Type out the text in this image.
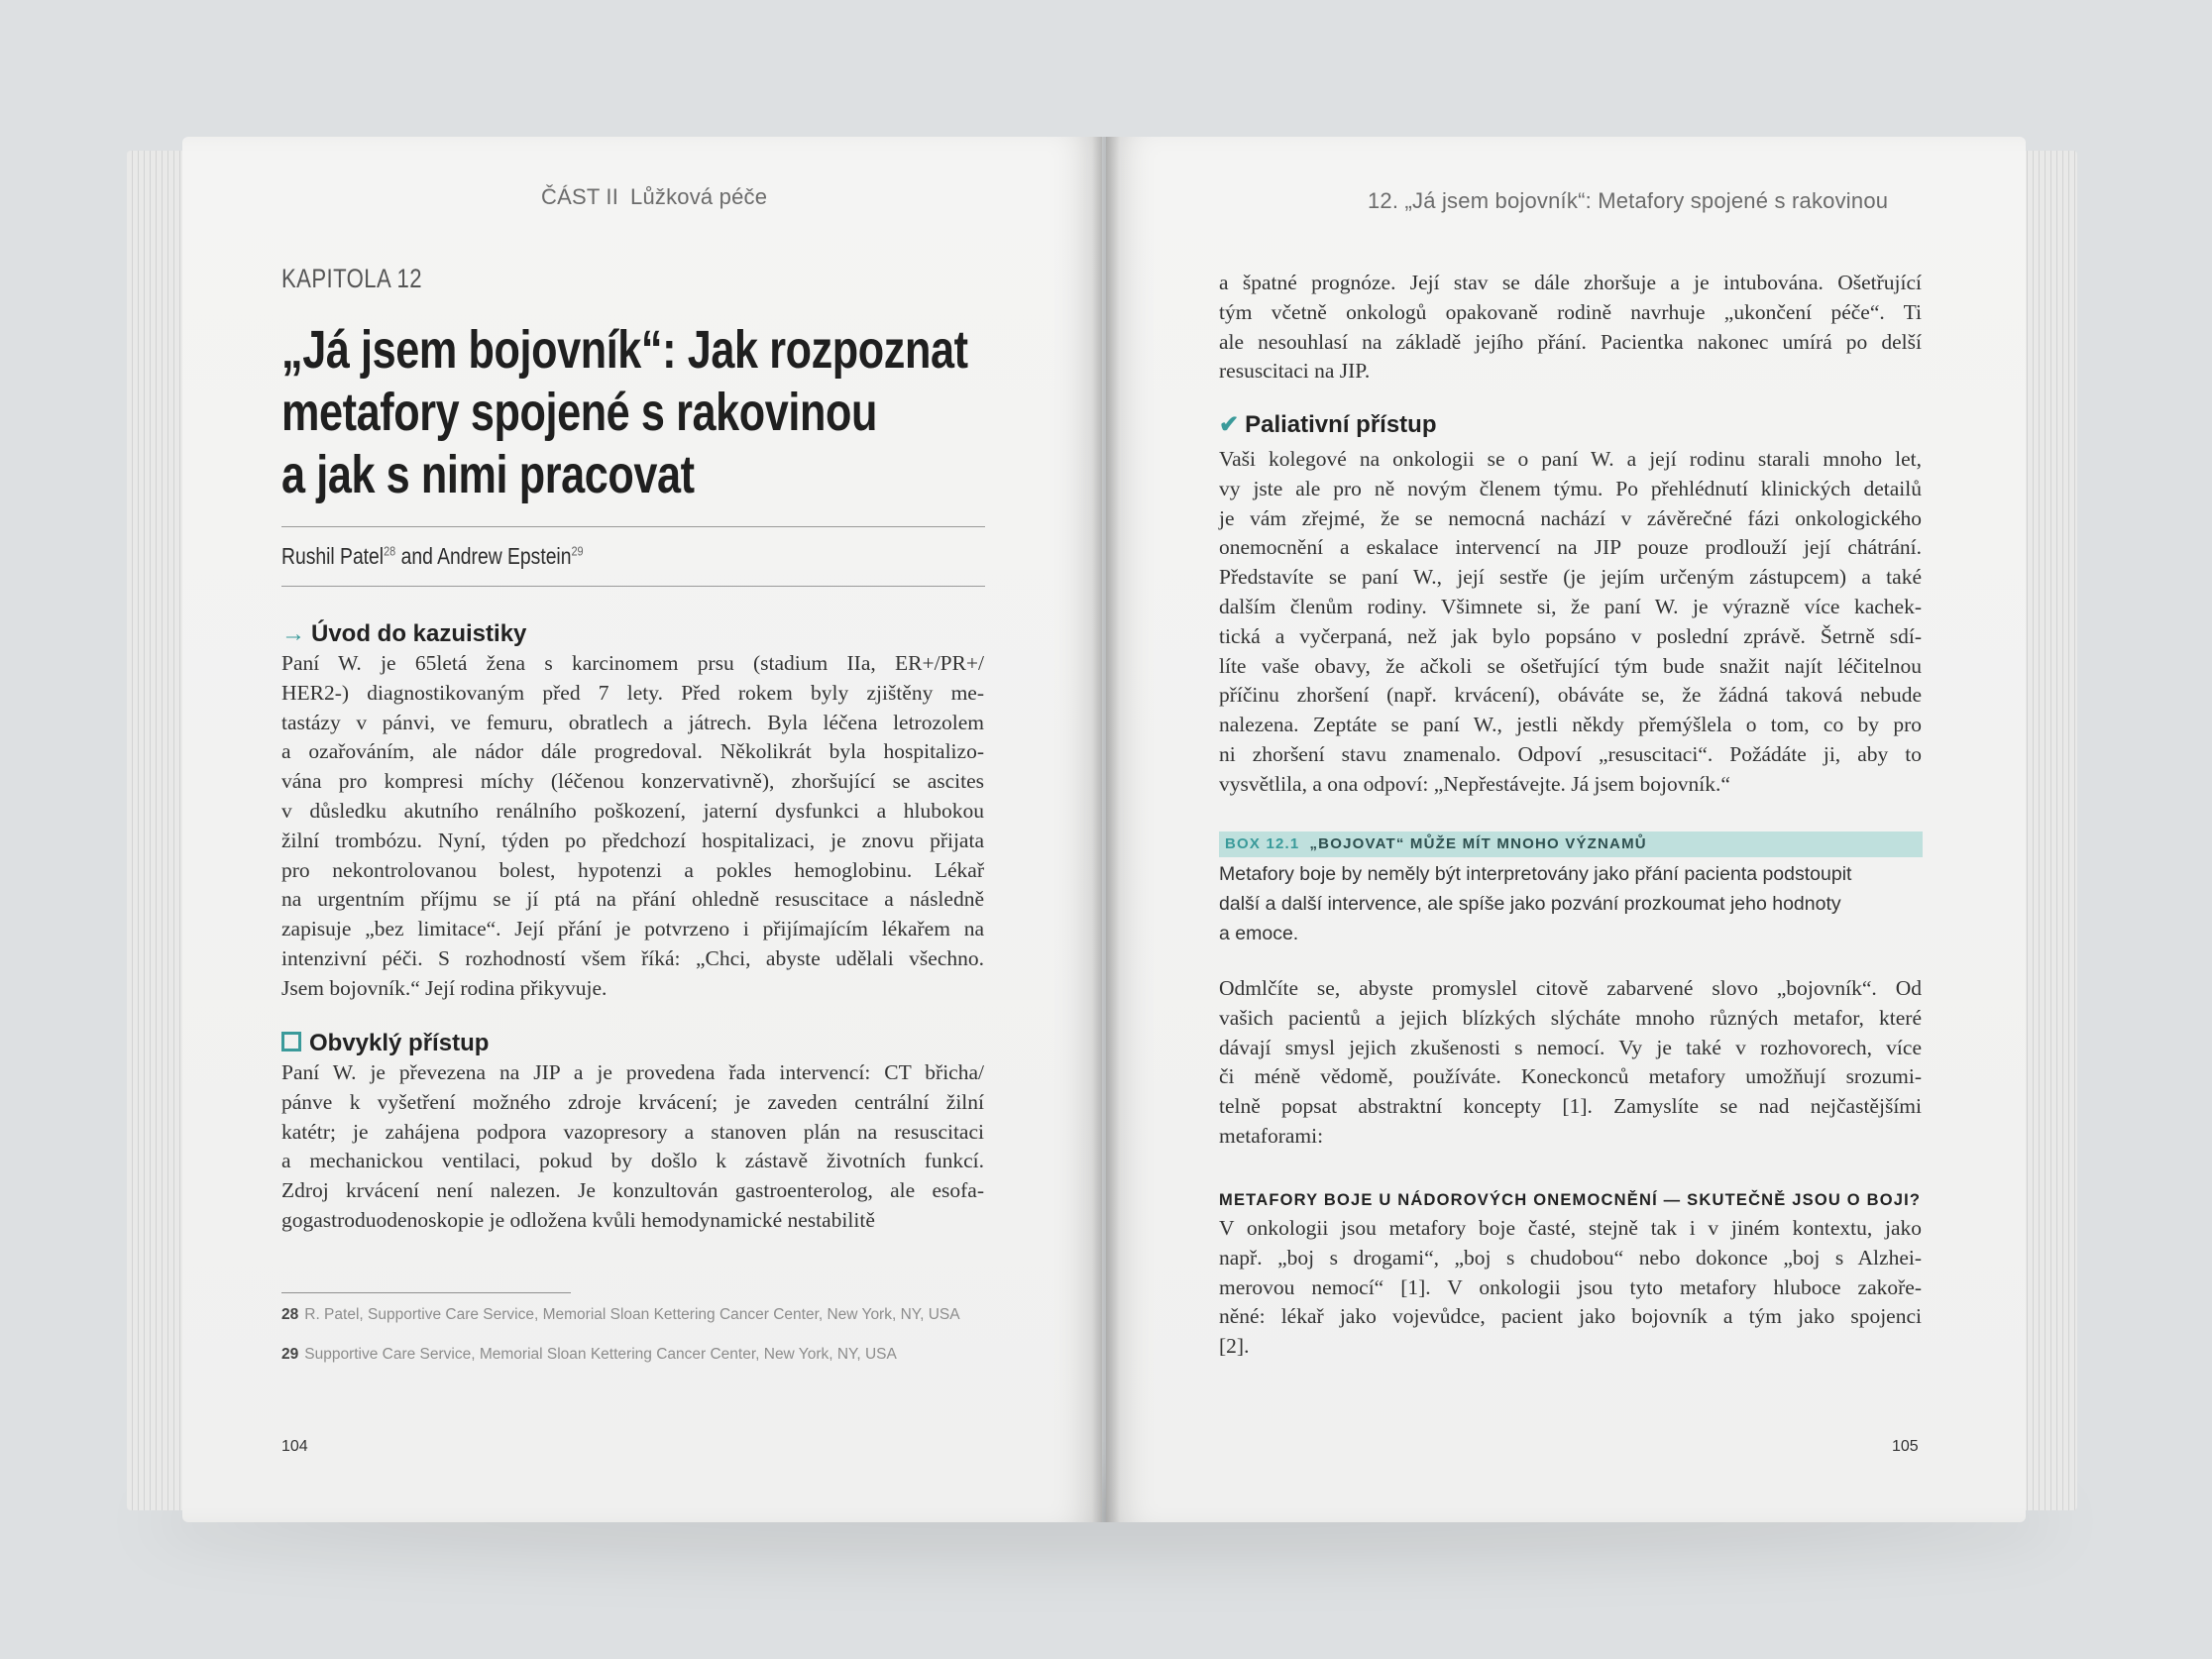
ČÁST II Lůžková péče
KAPITOLA 12
„Já jsem bojovník“: Jak rozpoznat
metafory spojené s rakovinou
a jak s nimi pracovat
Rushil Patel$^{28}$ and Andrew Epstein$^{29}$
→ Úvod do kazuistiky
Paní W. je 65letá žena s karcinomem prsu (stadium IIa, ER+/PR+/
HER2-) diagnostikovaným před 7 lety. Před rokem byly zjištěny me-
tastázy v pánvi, ve femuru, obratlech a játrech. Byla léčena letrozolem
a ozařováním, ale nádor dále progredoval. Několikrát byla hospitalizo-
vána pro kompresi míchy (léčenou konzervativně), zhoršující se ascites
v důsledku akutního renálního poškození, jaterní dysfunkci a hlubokou
žilní trombózu. Nyní, týden po předchozí hospitalizaci, je znovu přijata
pro nekontrolovanou bolest, hypotenzi a pokles hemoglobinu. Lékař
na urgentním příjmu se jí ptá na přání ohledně resuscitace a následně
zapisuje „bez limitace“. Její přání je potvrzeno i přijímajícím lékařem na
intenzivní péči. S rozhodností všem říká: „Chci, abyste udělali všechno.
Jsem bojovník.“ Její rodina přikyvuje.
Obvyklý přístup
Paní W. je převezena na JIP a je provedena řada intervencí: CT břicha/
pánve k vyšetření možného zdroje krvácení; je zaveden centrální žilní
katétr; je zahájena podpora vazopresory a stanoven plán na resuscitaci
a mechanickou ventilaci, pokud by došlo k zástavě životních funkcí.
Zdroj krvácení není nalezen. Je konzultován gastroenterolog, ale esofa-
gogastroduodenoskopie je odložena kvůli hemodynamické nestabilitě
28 R. Patel, Supportive Care Service, Memorial Sloan Kettering Cancer Center, New York, NY, USA
29 Supportive Care Service, Memorial Sloan Kettering Cancer Center, New York, NY, USA
104
12. „Já jsem bojovník“: Metafory spojené s rakovinou
a špatné prognóze. Její stav se dále zhoršuje a je intubována. Ošetřující
tým včetně onkologů opakovaně rodině navrhuje „ukončení péče“. Ti
ale nesouhlasí na základě jejího přání. Pacientka nakonec umírá po delší
resuscitaci na JIP.
✔ Paliativní přístup
Vaši kolegové na onkologii se o paní W. a její rodinu starali mnoho let,
vy jste ale pro ně novým členem týmu. Po přehlédnutí klinických detailů
je vám zřejmé, že se nemocná nachází v závěrečné fázi onkologického
onemocnění a eskalace intervencí na JIP pouze prodlouží její chátrání.
Představíte se paní W., její sestře (je jejím určeným zástupcem) a také
dalším členům rodiny. Všimnete si, že paní W. je výrazně více kachek-
tická a vyčerpaná, než jak bylo popsáno v poslední zprávě. Šetrně sdí-
líte vaše obavy, že ačkoli se ošetřující tým bude snažit najít léčitelnou
příčinu zhoršení (např. krvácení), obáváte se, že žádná taková nebude
nalezena. Zeptáte se paní W., jestli někdy přemýšlela o tom, co by pro
ni zhoršení stavu znamenalo. Odpoví „resuscitaci“. Požádáte ji, aby to
vysvětlila, a ona odpoví: „Nepřestávejte. Já jsem bojovník.“
BOX 12.1 „BOJOVAT“ MŮŽE MÍT MNOHO VÝZNAMŮ
Metafory boje by neměly být interpretovány jako přání pacienta podstoupit
další a další intervence, ale spíše jako pozvání prozkoumat jeho hodnoty
a emoce.
Odmlčíte se, abyste promyslel citově zabarvené slovo „bojovník“. Od
vašich pacientů a jejich blízkých slýcháte mnoho různých metafor, které
dávají smysl jejich zkušenosti s nemocí. Vy je také v rozhovorech, více
či méně vědomě, používáte. Koneckonců metafory umožňují srozumi-
telně popsat abstraktní koncepty [1]. Zamyslíte se nad nejčastějšími
metaforami:
METAFORY BOJE U NÁDOROVÝCH ONEMOCNĚNÍ — SKUTEČNĚ JSOU O BOJI?
V onkologii jsou metafory boje časté, stejně tak i v jiném kontextu, jako
např. „boj s drogami“, „boj s chudobou“ nebo dokonce „boj s Alzhei-
merovou nemocí“ [1]. V onkologii jsou tyto metafory hluboce zakoře-
něné: lékař jako vojevůdce, pacient jako bojovník a tým jako spojenci
[2].
105
